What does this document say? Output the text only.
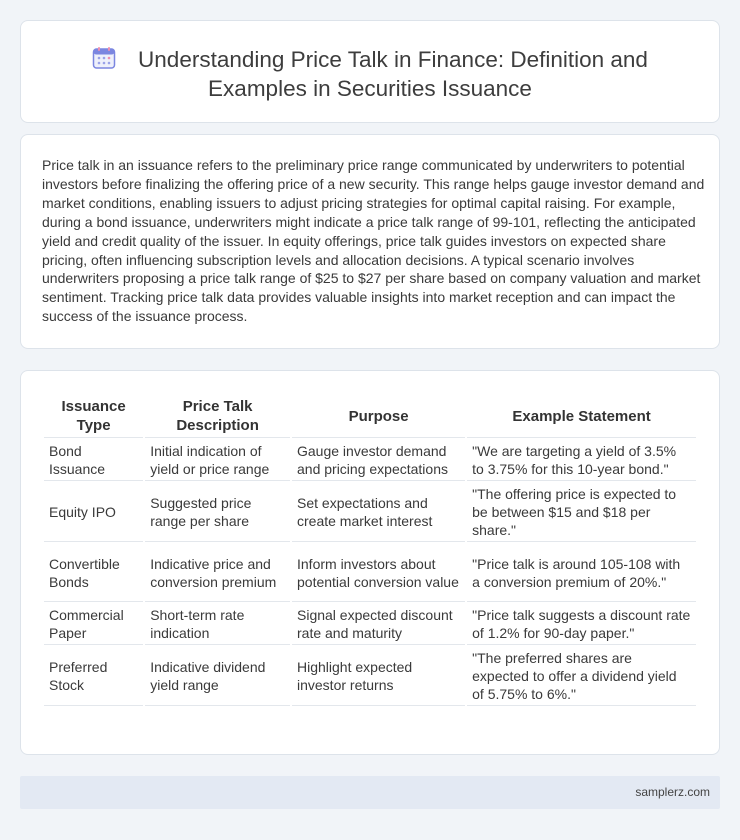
Understanding Price Talk in Finance: Definition and
Examples in Securities Issuance

Price talk in an issuance refers to the preliminary price range communicated by underwriters to potential investors before finalizing the offering price of a new security. This range helps gauge investor demand and market conditions, enabling issuers to adjust pricing strategies for optimal capital raising. For example, during a bond issuance, underwriters might indicate a price talk range of 99-101, reflecting the anticipated yield and credit quality of the issuer. In equity offerings, price talk guides investors on expected share pricing, often influencing subscription levels and allocation decisions. A typical scenario involves underwriters proposing a price talk range of $25 to $27 per share based on company valuation and market sentiment. Tracking price talk data provides valuable insights into market reception and can impact the success of the issuance process.

Issuance Type	Price Talk Description	Purpose	Example Statement
Bond Issuance	Initial indication of yield or price range	Gauge investor demand and pricing expectations	"We are targeting a yield of 3.5% to 3.75% for this 10-year bond."
Equity IPO	Suggested price range per share	Set expectations and create market interest	"The offering price is expected to be between $15 and $18 per share."
Convertible Bonds	Indicative price and conversion premium	Inform investors about potential conversion value	"Price talk is around 105-108 with a conversion premium of 20%."
Commercial Paper	Short-term rate indication	Signal expected discount rate and maturity	"Price talk suggests a discount rate of 1.2% for 90-day paper."
Preferred Stock	Indicative dividend yield range	Highlight expected investor returns	"The preferred shares are expected to offer a dividend yield of 5.75% to 6%."
samplerz.com
